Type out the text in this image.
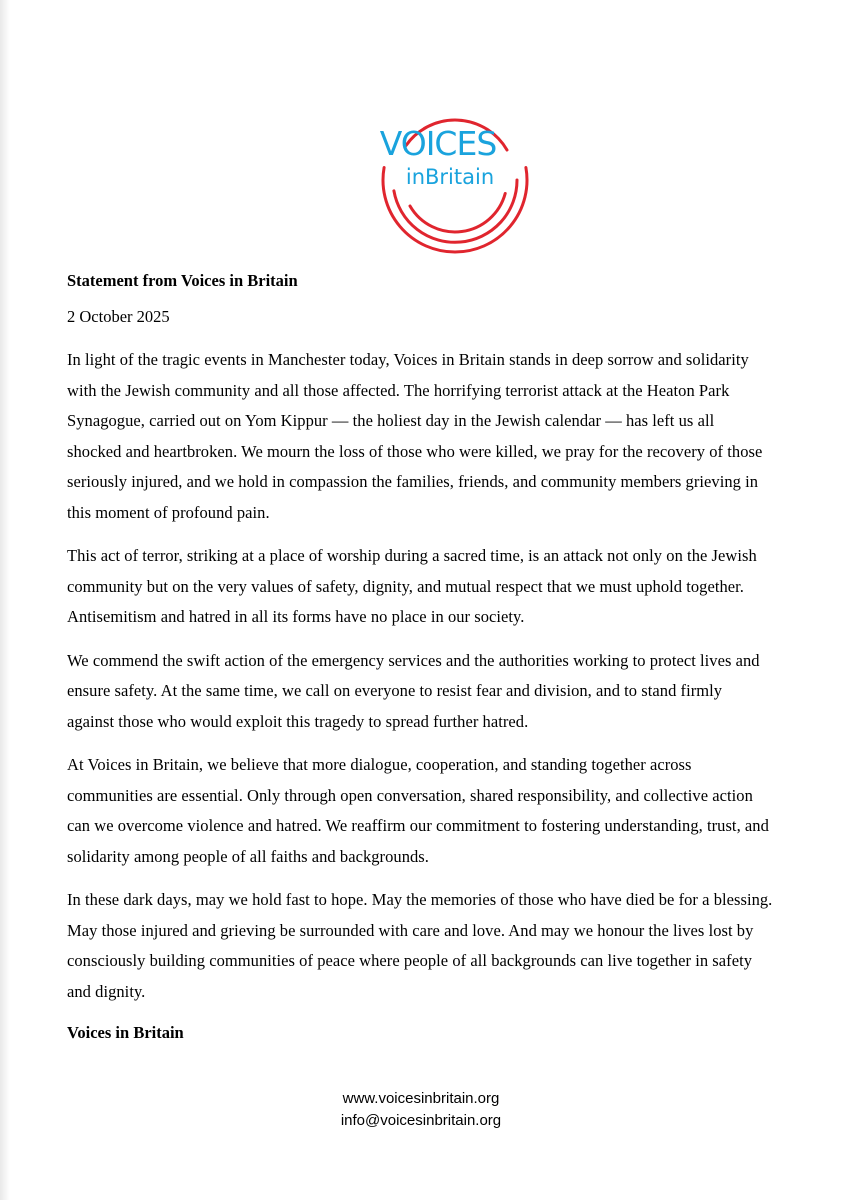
VOICES
inBritain
Statement from Voices in Britain
2 October 2025
In light of the tragic events in Manchester today, Voices in Britain stands in deep sorrow and solidarity
with the Jewish community and all those affected. The horrifying terrorist attack at the Heaton Park
Synagogue, carried out on Yom Kippur — the holiest day in the Jewish calendar — has left us all
shocked and heartbroken. We mourn the loss of those who were killed, we pray for the recovery of those
seriously injured, and we hold in compassion the families, friends, and community members grieving in
this moment of profound pain.
This act of terror, striking at a place of worship during a sacred time, is an attack not only on the Jewish
community but on the very values of safety, dignity, and mutual respect that we must uphold together.
Antisemitism and hatred in all its forms have no place in our society.
We commend the swift action of the emergency services and the authorities working to protect lives and
ensure safety. At the same time, we call on everyone to resist fear and division, and to stand firmly
against those who would exploit this tragedy to spread further hatred.
At Voices in Britain, we believe that more dialogue, cooperation, and standing together across
communities are essential. Only through open conversation, shared responsibility, and collective action
can we overcome violence and hatred. We reaffirm our commitment to fostering understanding, trust, and
solidarity among people of all faiths and backgrounds.
In these dark days, may we hold fast to hope. May the memories of those who have died be for a blessing.
May those injured and grieving be surrounded with care and love. And may we honour the lives lost by
consciously building communities of peace where people of all backgrounds can live together in safety
and dignity.
Voices in Britain
www.voicesinbritain.org
info@voicesinbritain.org
